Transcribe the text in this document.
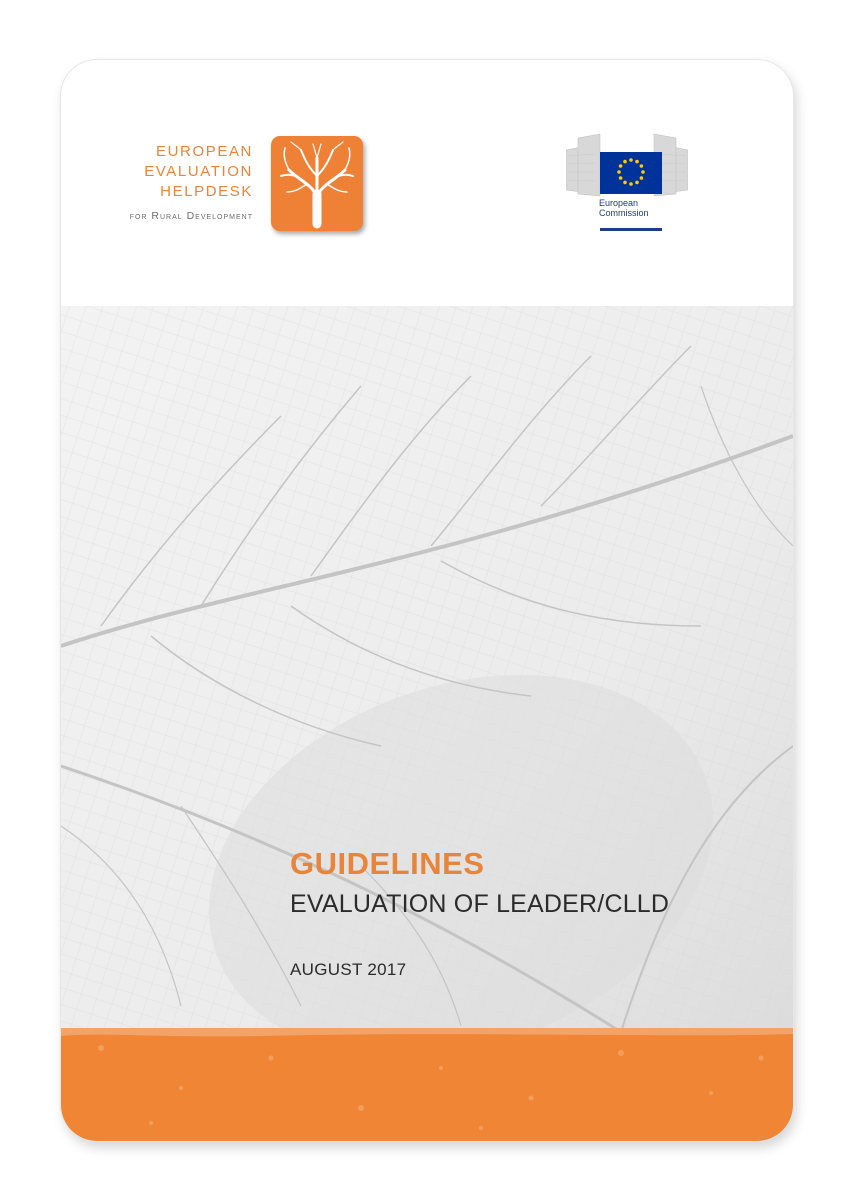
EUROPEAN
EVALUATION
HELPDESK
for Rural Development
European
Commission
GUIDELINES
EVALUATION OF LEADER/CLLD
AUGUST 2017
